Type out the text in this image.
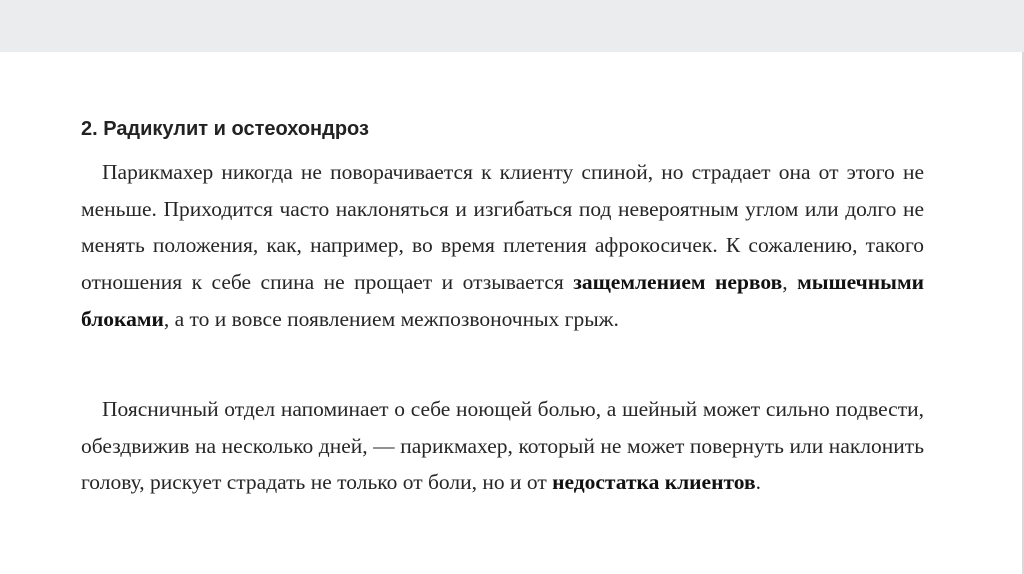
2. Радикулит и остеохондроз

Парикмахер никогда не поворачивается к клиенту спиной, но страдает она от этого не меньше. Приходится часто наклоняться и изгибаться под невероятным углом или долго не менять положения, как, например, во время плетения афрокосичек. К сожалению, такого отношения к себе спина не прощает и отзывается защемлением нервов, мышечными блоками, а то и вовсе появлением межпозвоночных грыж.

Поясничный отдел напоминает о себе ноющей болью, а шейный может сильно подвести, обездвижив на несколько дней, — парикмахер, который не может повернуть или наклонить голову, рискует страдать не только от боли, но и от недостатка клиентов.
